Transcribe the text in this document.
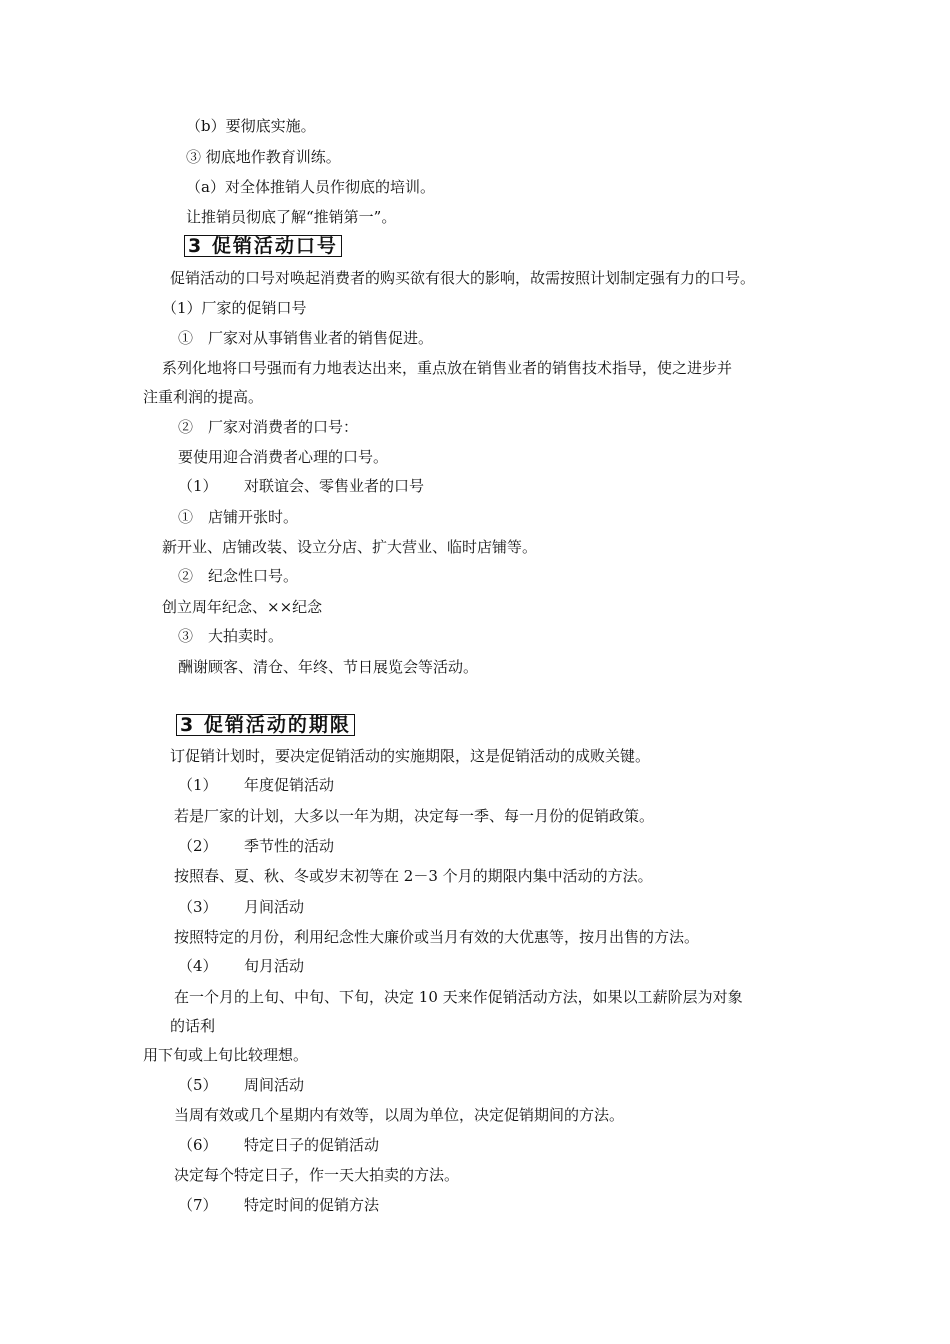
（b）要彻底实施。
③ 彻底地作教育训练。
（a）对全体推销人员作彻底的培训。
让推销员彻底了解“推销第一”。
3 促销活动口号
促销活动的口号对唤起消费者的购买欲有很大的影响，故需按照计划制定强有力的口号。
（1）厂家的促销口号
①　厂家对从事销售业者的销售促进。
系列化地将口号强而有力地表达出来，重点放在销售业者的销售技术指导，使之进步并
注重利润的提高。
②　厂家对消费者的口号：
要使用迎合消费者心理的口号。
（1） 对联谊会、零售业者的口号
①　店铺开张时。
新开业、店铺改装、设立分店、扩大营业、临时店铺等。
②　纪念性口号。
创立周年纪念、××纪念
③　大拍卖时。
酬谢顾客、清仓、年终、节日展览会等活动。
3 促销活动的期限
订促销计划时，要决定促销活动的实施期限，这是促销活动的成败关键。
（1） 年度促销活动
若是厂家的计划，大多以一年为期，决定每一季、每一月份的促销政策。
（2） 季节性的活动
按照春、夏、秋、冬或岁末初等在 2－3 个月的期限内集中活动的方法。
（3） 月间活动
按照特定的月份，利用纪念性大廉价或当月有效的大优惠等，按月出售的方法。
（4） 旬月活动
在一个月的上旬、中旬、下旬，决定 10 天来作促销活动方法，如果以工薪阶层为对象
的话利
用下旬或上旬比较理想。
（5） 周间活动
当周有效或几个星期内有效等，以周为单位，决定促销期间的方法。
（6） 特定日子的促销活动
决定每个特定日子，作一天大拍卖的方法。
（7） 特定时间的促销方法
